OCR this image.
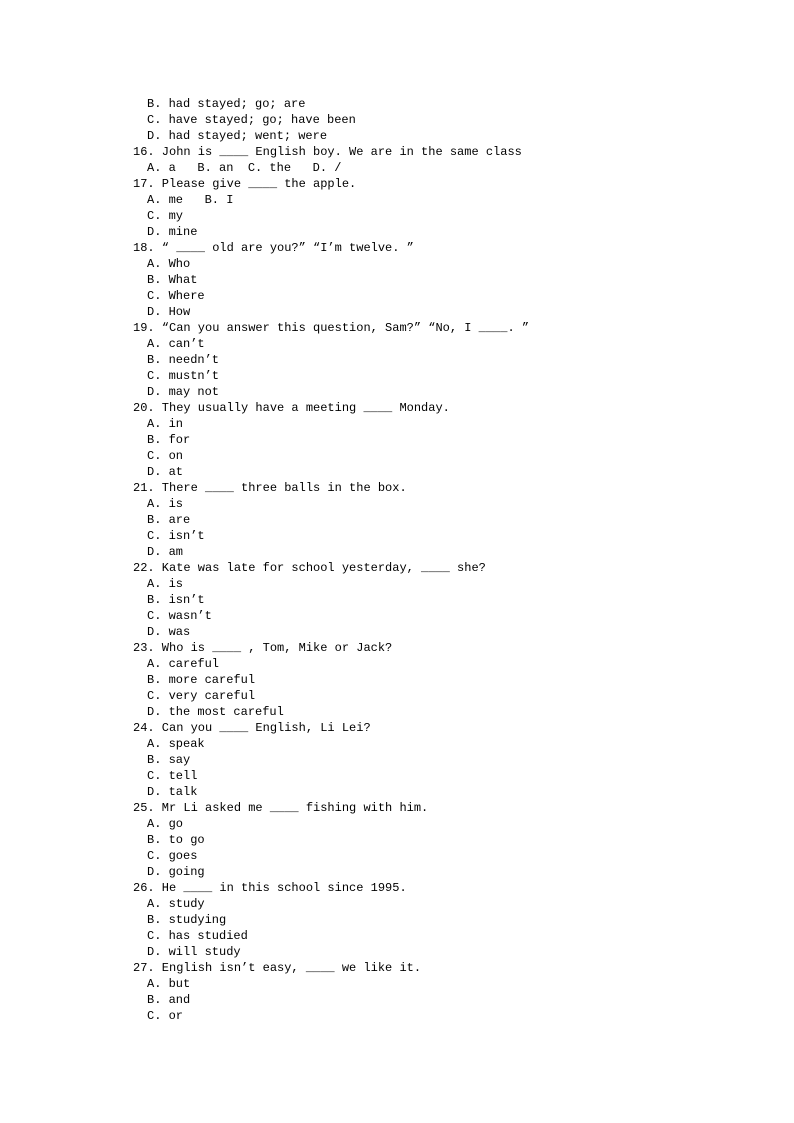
B. had stayed; go; are
C. have stayed; go; have been
D. had stayed; went; were
16. John is ____ English boy. We are in the same class
A. a   B. an  C. the   D. /
17. Please give ____ the apple.
A. me   B. I
C. my
D. mine
18. “ ____ old are you?” “I’m twelve. ”
A. Who
B. What
C. Where
D. How
19. “Can you answer this question, Sam?” “No, I ____. ”
A. can’t
B. needn’t
C. mustn’t
D. may not
20. They usually have a meeting ____ Monday.
A. in
B. for
C. on
D. at
21. There ____ three balls in the box.
A. is
B. are
C. isn’t
D. am
22. Kate was late for school yesterday, ____ she?
A. is
B. isn’t
C. wasn’t
D. was
23. Who is ____ , Tom, Mike or Jack?
A. careful
B. more careful
C. very careful
D. the most careful
24. Can you ____ English, Li Lei?
A. speak
B. say
C. tell
D. talk
25. Mr Li asked me ____ fishing with him.
A. go
B. to go
C. goes
D. going
26. He ____ in this school since 1995.
A. study
B. studying
C. has studied
D. will study
27. English isn’t easy, ____ we like it.
A. but
B. and
C. or
